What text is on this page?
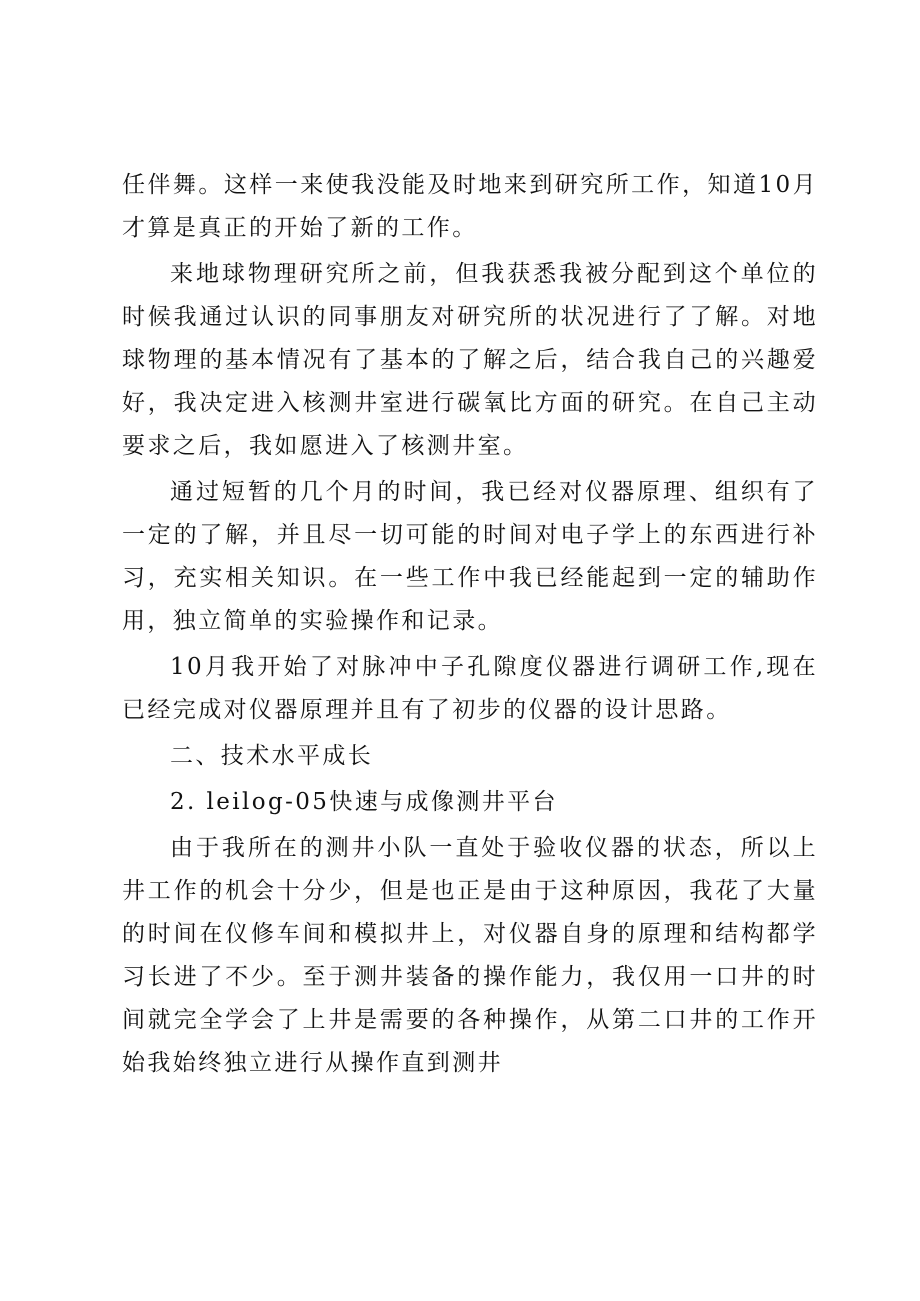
任伴舞。这样一来使我没能及时地来到研究所工作，知道10月才算是真正的开始了新的工作。

来地球物理研究所之前，但我获悉我被分配到这个单位的时候我通过认识的同事朋友对研究所的状况进行了了解。对地球物理的基本情况有了基本的了解之后，结合我自己的兴趣爱好，我决定进入核测井室进行碳氧比方面的研究。在自己主动要求之后，我如愿进入了核测井室。

通过短暂的几个月的时间，我已经对仪器原理、组织有了一定的了解，并且尽一切可能的时间对电子学上的东西进行补习，充实相关知识。在一些工作中我已经能起到一定的辅助作用，独立简单的实验操作和记录。

10月我开始了对脉冲中子孔隙度仪器进行调研工作,现在已经完成对仪器原理并且有了初步的仪器的设计思路。

二、技术水平成长

2. leilog-05快速与成像测井平台

由于我所在的测井小队一直处于验收仪器的状态，所以上井工作的机会十分少，但是也正是由于这种原因，我花了大量的时间在仪修车间和模拟井上，对仪器自身的原理和结构都学习长进了不少。至于测井装备的操作能力，我仅用一口井的时间就完全学会了上井是需要的各种操作，从第二口井的工作开始我始终独立进行从操作直到测井
